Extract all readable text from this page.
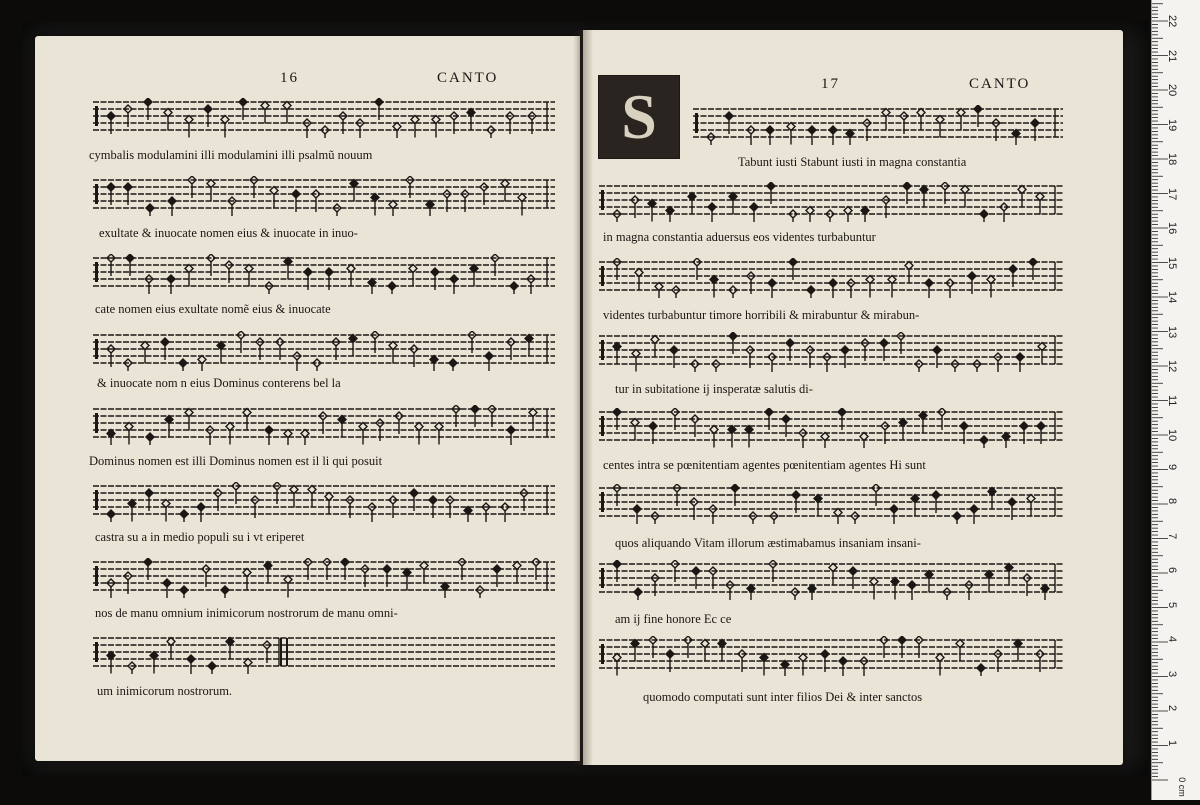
16	CANTO
cymbalis modulamini illi modulamini illi psalmũ nouum
exultate & inuocate nomen eius & inuocate in inuo-
cate nomen eius exultate nomẽ eius & inuocate
& inuocate nom n eius Dominus conterens bel la
Dominus nomen est illi Dominus nomen est il li qui posuit
castra su a in medio populi su i vt eriperet
nos de manu omnium inimicorum nostrorum de manu omni-
um inimicorum nostrorum.
17	CANTO
S
Tabunt iusti Stabunt iusti in magna constantia
in magna constantia aduersus eos videntes turbabuntur
videntes turbabuntur timore horribili & mirabuntur & mirabun-
tur in subitatione ij insperatæ salutis di-
centes intra se pœnitentiam agentes pœnitentiam agentes Hi sunt
quos aliquando Vitam illorum æstimabamus insaniam insani-
am ij fine honore Ec ce
quomodo computati sunt inter filios Dei & inter sanctos
22
21
20
19
18
17
16
15
14
13
12
11
10
9
8
7
6
5
4
3
2
1
0 cm
